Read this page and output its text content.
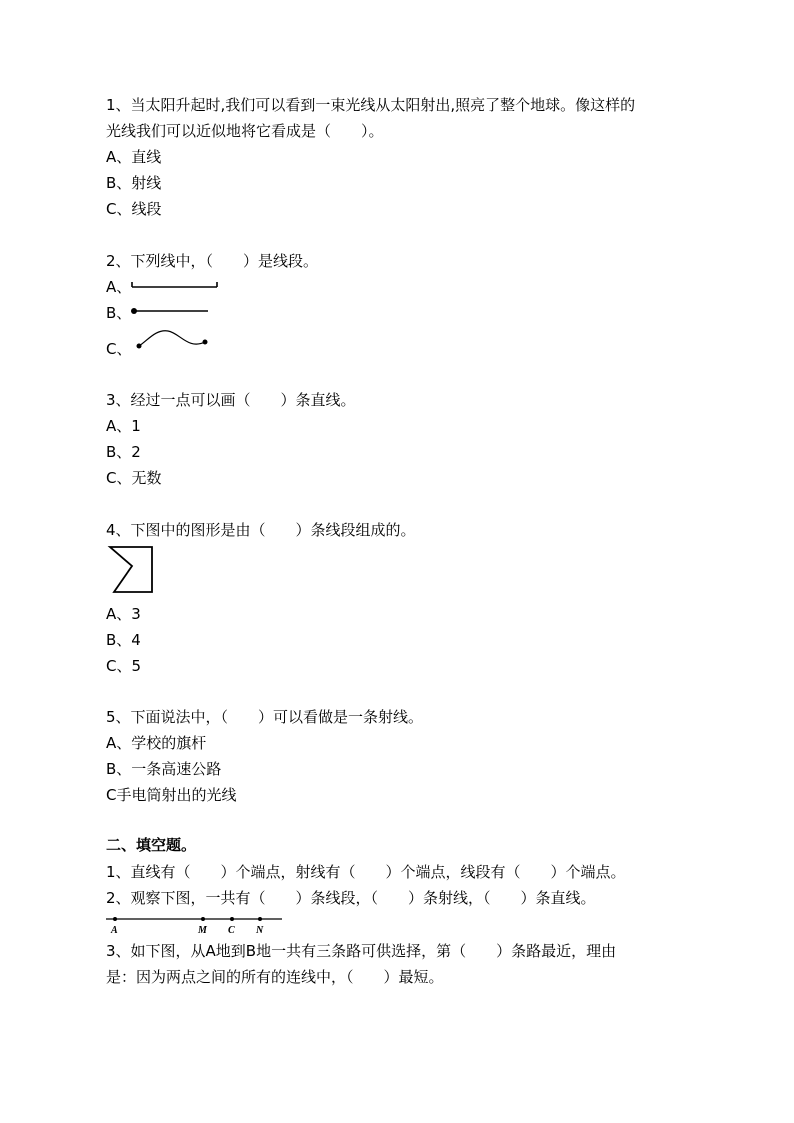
1、当太阳升起时,我们可以看到一束光线从太阳射出,照亮了整个地球。像这样的
光线我们可以近似地将它看成是（　　）。
A、直线
B、射线
C、线段
2、下列线中，（　　）是线段。
A、
B、
C、
3、经过一点可以画（　　）条直线。
A、1
B、2
C、无数
4、下图中的图形是由（　　）条线段组成的。
A、3
B、4
C、5
5、下面说法中，（　　）可以看做是一条射线。
A、学校的旗杆
B、一条高速公路
C手电筒射出的光线
二、填空题。
1、直线有（　　）个端点，射线有（　　）个端点，线段有（　　）个端点。
2、观察下图，一共有（　　）条线段，（　　）条射线，（　　）条直线。
A	M C N
3、如下图，从A地到B地一共有三条路可供选择，第（　　）条路最近，理由
是：因为两点之间的所有的连线中，（　　）最短。
